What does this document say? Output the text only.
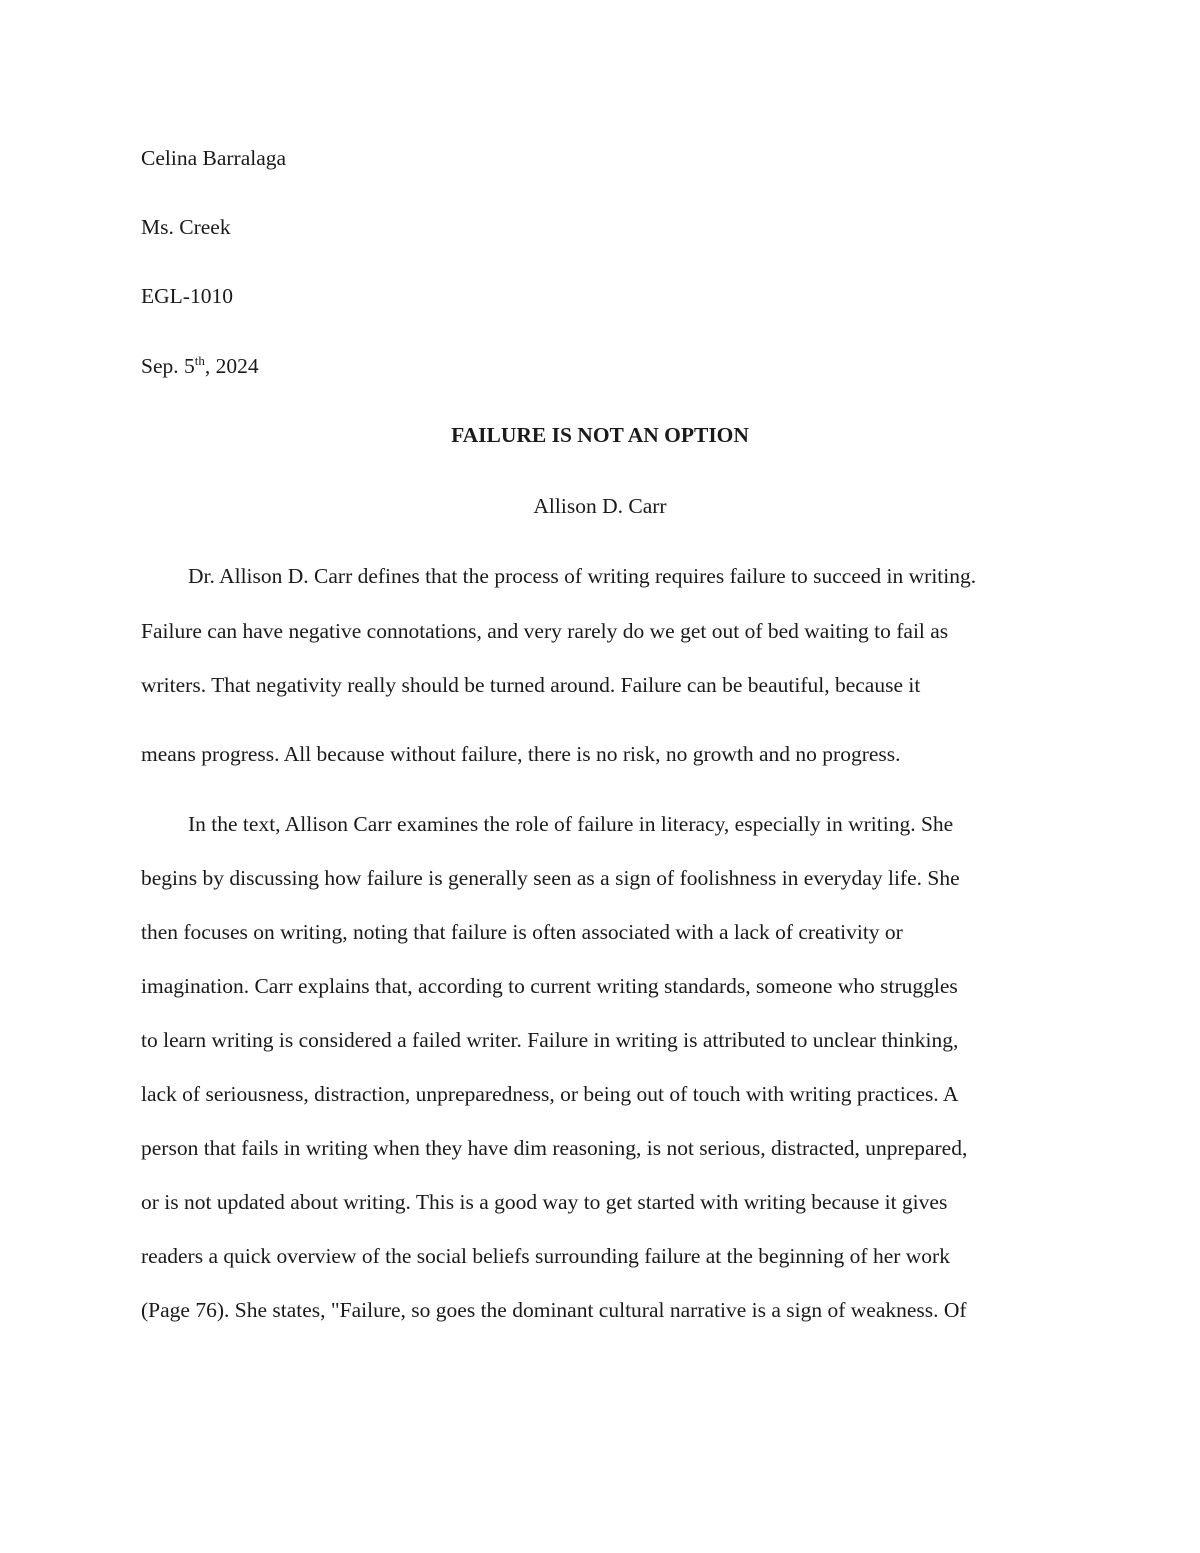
Celina Barralaga
Ms. Creek
EGL-1010
Sep. 5th, 2024
FAILURE IS NOT AN OPTION
Allison D. Carr
Dr. Allison D. Carr defines that the process of writing requires failure to succeed in writing.
Failure can have negative connotations, and very rarely do we get out of bed waiting to fail as
writers. That negativity really should be turned around. Failure can be beautiful, because it
means progress. All because without failure, there is no risk, no growth and no progress.
In the text, Allison Carr examines the role of failure in literacy, especially in writing. She
begins by discussing how failure is generally seen as a sign of foolishness in everyday life. She
then focuses on writing, noting that failure is often associated with a lack of creativity or
imagination. Carr explains that, according to current writing standards, someone who struggles
to learn writing is considered a failed writer. Failure in writing is attributed to unclear thinking,
lack of seriousness, distraction, unpreparedness, or being out of touch with writing practices. A
person that fails in writing when they have dim reasoning, is not serious, distracted, unprepared,
or is not updated about writing. This is a good way to get started with writing because it gives
readers a quick overview of the social beliefs surrounding failure at the beginning of her work
(Page 76). She states, "Failure, so goes the dominant cultural narrative is a sign of weakness. Of
